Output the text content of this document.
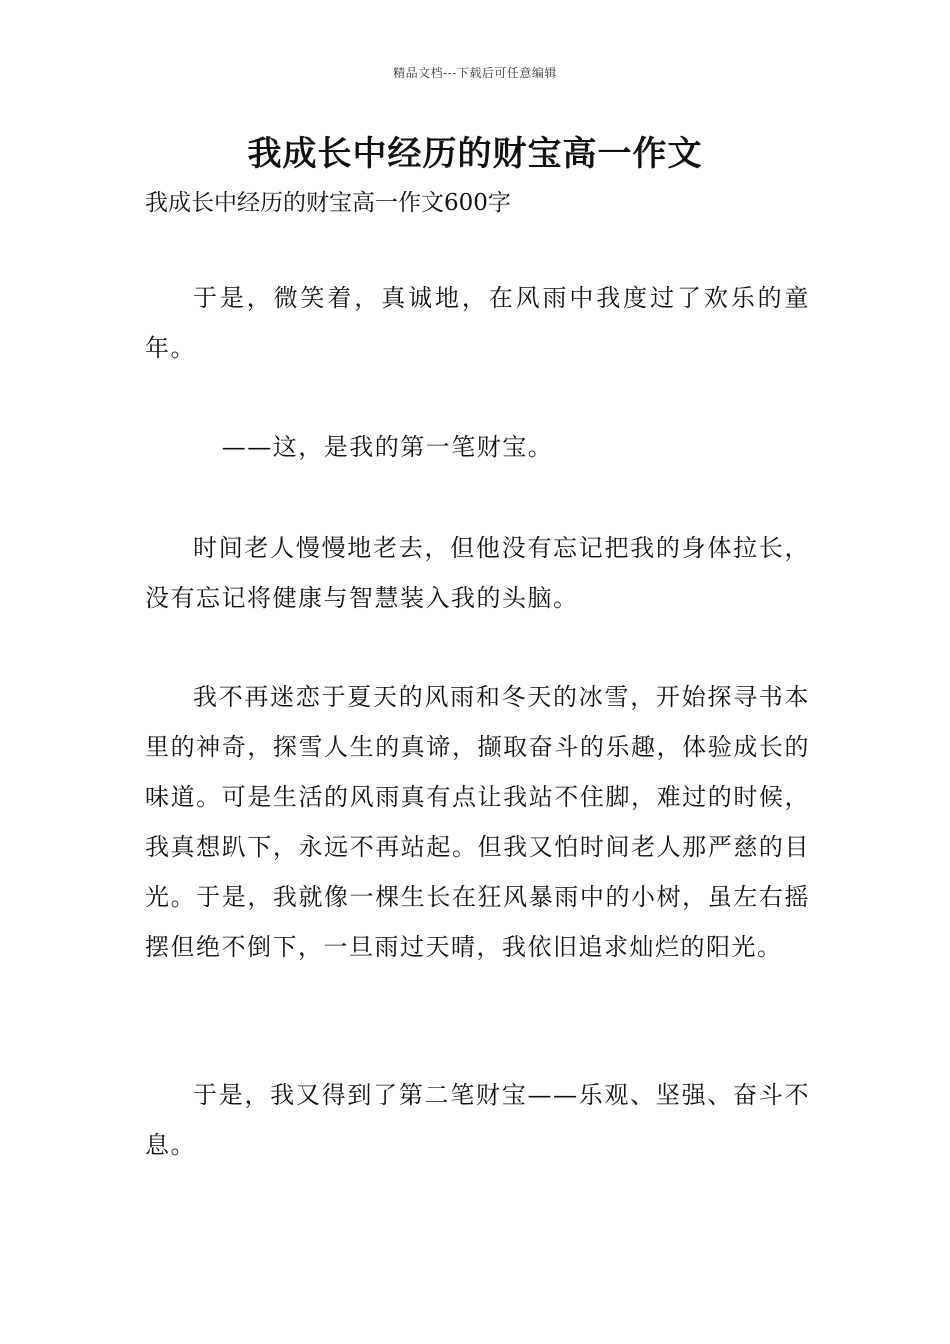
精品文档---下载后可任意编辑
我成长中经历的财宝高一作文

我成长中经历的财宝高一作文600字

于是，微笑着，真诚地，在风雨中我度过了欢乐的童年。

——这，是我的第一笔财宝。

时间老人慢慢地老去，但他没有忘记把我的身体拉长，没有忘记将健康与智慧装入我的头脑。

我不再迷恋于夏天的风雨和冬天的冰雪，开始探寻书本里的神奇，探雪人生的真谛，撷取奋斗的乐趣，体验成长的味道。可是生活的风雨真有点让我站不住脚，难过的时候，我真想趴下，永远不再站起。但我又怕时间老人那严慈的目光。于是，我就像一棵生长在狂风暴雨中的小树，虽左右摇摆但绝不倒下，一旦雨过天晴，我依旧追求灿烂的阳光。

于是，我又得到了第二笔财宝——乐观、坚强、奋斗不息。
